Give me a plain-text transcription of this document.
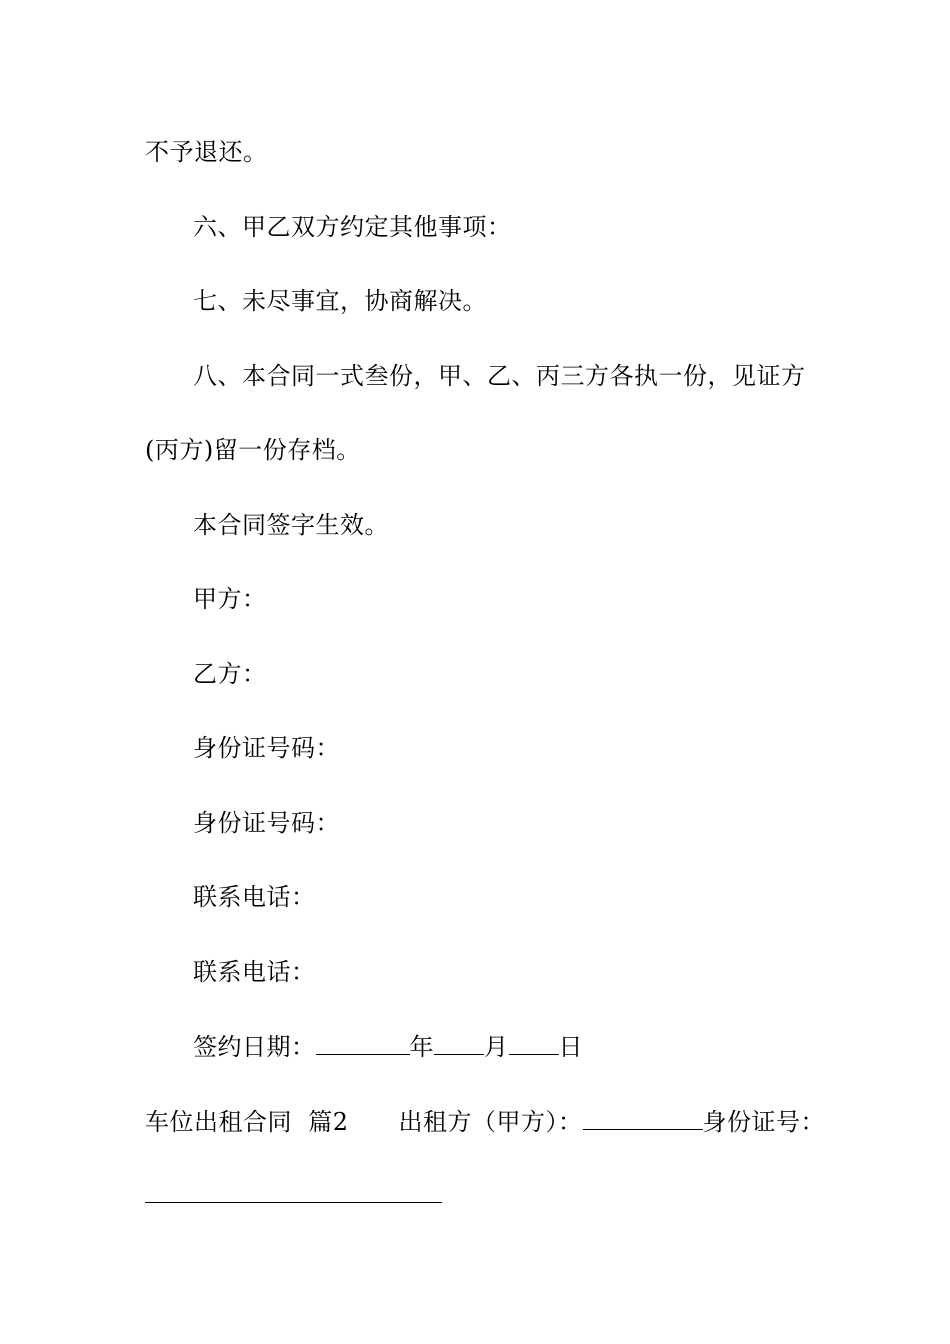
不予退还。
六、甲乙双方约定其他事项：
七、未尽事宜，协商解决。
八、本合同一式叁份，甲、乙、丙三方各执一份，见证方
(丙方)留一份存档。
本合同签字生效。
甲方：
乙方：
身份证号码：
身份证号码：
联系电话：
联系电话：
签约日期：	年 月 日
车位出租合同  篇2 出租方（甲方）：	身份证号：
